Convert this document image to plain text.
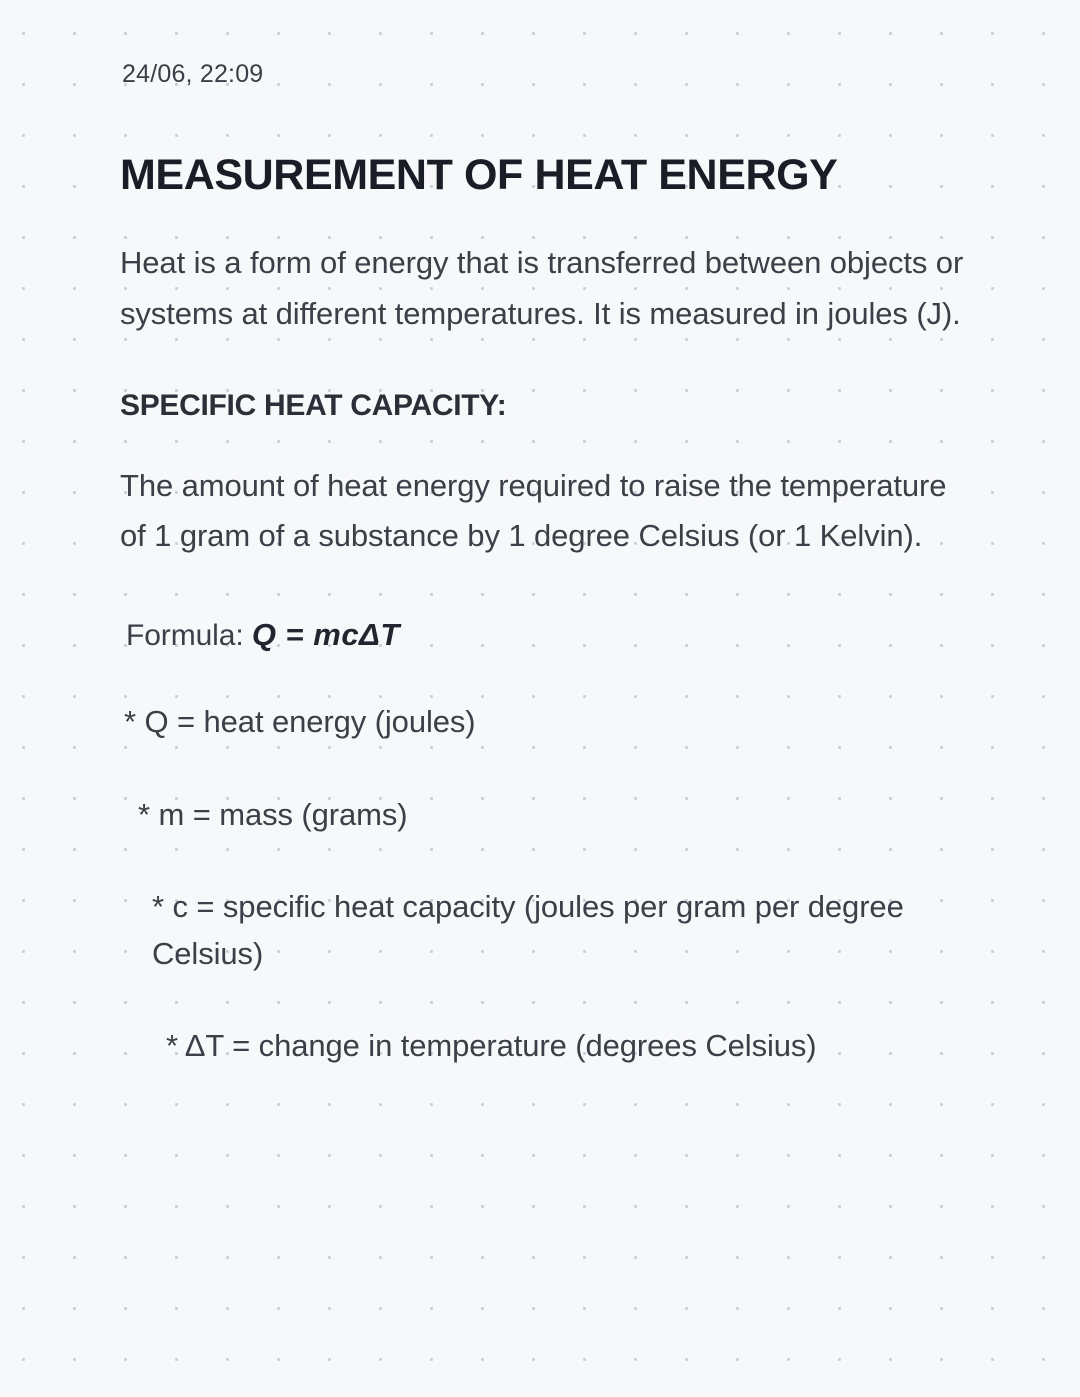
24/06, 22:09
MEASUREMENT OF HEAT ENERGY

Heat is a form of energy that is transferred between objects or systems at different temperatures. It is measured in joules (J).

SPECIFIC HEAT CAPACITY:

The amount of heat energy required to raise the temperature of 1 gram of a substance by 1 degree Celsius (or 1 Kelvin).

Formula: Q = mcΔT
* Q = heat energy (joules)
* m = mass (grams)
* c = specific heat capacity (joules per gram per degree Celsius)
* ΔT = change in temperature (degrees Celsius)
